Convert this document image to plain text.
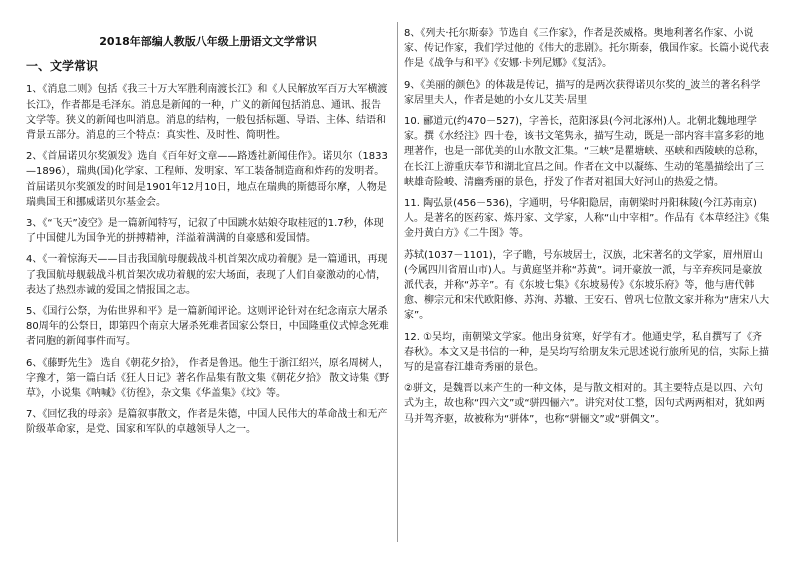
2018年部编人教版八年级上册语文文学常识
一、文学常识

1、《消息二则》包括《我三十万大军胜利南渡长江》和《人民解放军百万大军横渡长江》，作者都是毛泽东。消息是新闻的一种，广义的新闻包括消息、通讯、报告文学等。狭义的新闻也叫消息。消息的结构，一般包括标题、导语、主体、结语和背景五部分。消息的三个特点：真实性、及时性、简明性。

2、《首届诺贝尔奖颁发》选自《百年好文章——路透社新闻佳作》。诺贝尔（1833—1896），瑞典(国)化学家、工程师、发明家、军工装备制造商和炸药的发明者。首届诺贝尔奖颁发的时间是1901年12月10日，地点在瑞典的斯德哥尔摩，人物是瑞典国王和挪威诺贝尔基金会。

3、《“飞天”凌空》是一篇新闻特写，记叙了中国跳水姑娘夺取桂冠的1.7秒，体现了中国健儿为国争光的拼搏精神，洋溢着满满的自豪感和爱国情。

4、《一着惊海天——目击我国航母舰载战斗机首架次成功着舰》是一篇通讯，再现了我国航母舰载战斗机首架次成功着舰的宏大场面，表现了人们自豪激动的心情，表达了热烈赤诚的爱国之情报国之志。

5、《国行公祭，为佑世界和平》是一篇新闻评论。这则评论针对在纪念南京大屠杀80周年的公祭日，即第四个南京大屠杀死难者国家公祭日，中国隆重仪式悼念死难者同胞的新闻事件而写。

6、《藤野先生》 选自《朝花夕拾》， 作者是鲁迅。他生于浙江绍兴，原名周树人，字豫才，第一篇白话《狂人日记》著名作品集有散文集《朝花夕拾》 散文诗集《野草》，小说集《呐喊》《彷徨》，杂文集《华盖集》《坟》等。

7、《回忆我的母亲》是篇叙事散文，作者是朱德，中国人民伟大的革命战士和无产阶级革命家，是党、国家和军队的卓越领导人之一。

8、《列夫·托尔斯泰》节选自《三作家》，作者是茨威格。奥地利著名作家、小说家、传记作家，我们学过他的《伟大的悲剧》。托尔斯泰，俄国作家。长篇小说代表作是《战争与和平》《安娜·卡列尼娜》《复活》。

9、《美丽的颜色》的体裁是传记，描写的是两次获得诺贝尔奖的_波兰的著名科学家居里夫人，作者是她的小女儿艾芙·居里

10. 郦道元(约470－527)，字善长，范阳涿县(今河北涿州)人。北朝北魏地理学家。撰《水经注》四十卷，该书文笔隽永，描写生动，既是一部内容丰富多彩的地理著作，也是一部优美的山水散文汇集。“三峡”是瞿塘峡、巫峡和西陵峡的总称，在长江上游重庆奉节和湖北宜昌之间。作者在文中以凝练、生动的笔墨描绘出了三峡雄奇险峻、清幽秀丽的景色，抒发了作者对祖国大好河山的热爱之情。

11. 陶弘景(456－536)，字通明，号华阳隐居，南朝梁时丹阳秣陵(今江苏南京)人。是著名的医药家、炼丹家、文学家，人称“山中宰相”。作品有《本草经注》《集金丹黄白方》《二牛图》等。

苏轼(1037－1101)，字子瞻，号东坡居士，汉族，北宋著名的文学家，眉州眉山(今属四川省眉山市)人。与黄庭坚并称“苏黄”。词开豪放一派，与辛弃疾同是豪放派代表，并称“苏辛”。有《东坡七集》《东坡易传》《东坡乐府》等，他与唐代韩愈、柳宗元和宋代欧阳修、苏洵、苏辙、王安石、曾巩七位散文家并称为“唐宋八大家”。

12. ①吴均，南朝梁文学家。他出身贫寒，好学有才。他通史学，私自撰写了《齐春秋》。本文又是书信的一种，是吴均写给朋友朱元思述说行旅所见的信，实际上描写的是富春江雄奇秀丽的景色。

②骈文，是魏晋以来产生的一种文体，是与散文相对的。其主要特点是以四、六句式为主，故也称“四六文”或“骈四俪六”。讲究对仗工整，因句式两两相对，犹如两马并驾齐驱，故被称为“骈体”，也称“骈俪文”或“骈偶文”。
